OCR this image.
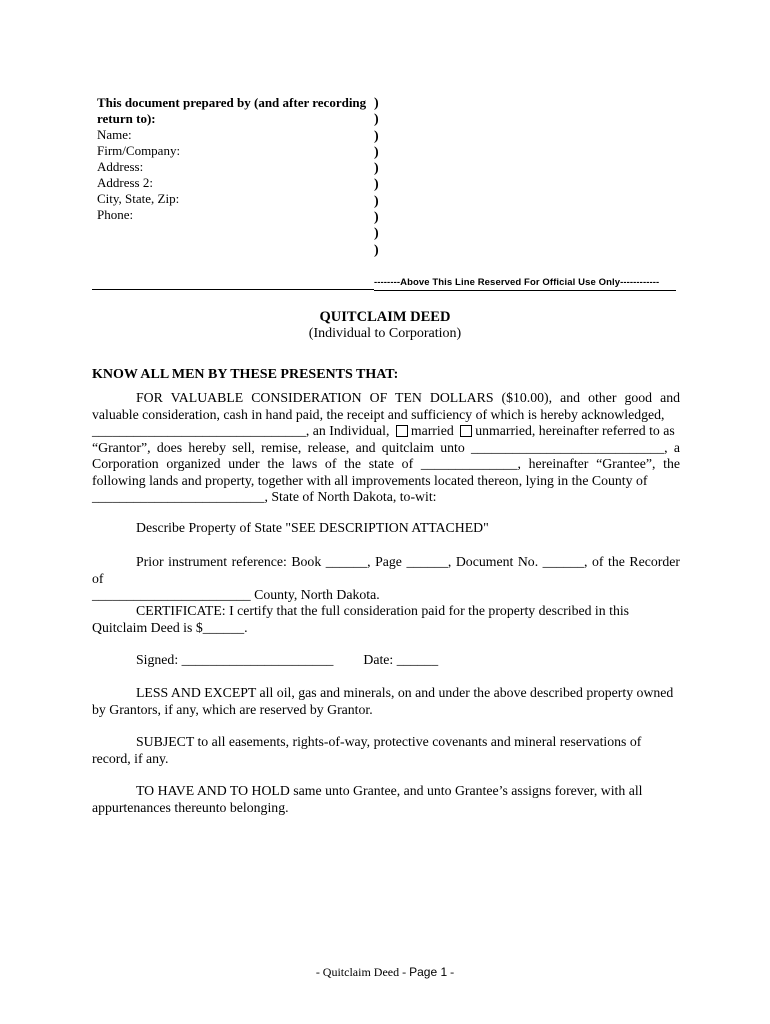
This document prepared by (and after recording
return to):
Name:
Firm/Company:
Address:
Address 2:
City, State, Zip:
Phone:
)
)
)
)
)
)
)
)
)
)
--------Above This Line Reserved For Official Use Only------------
QUITCLAIM DEED
(Individual to Corporation)
KNOW ALL MEN BY THESE PRESENTS THAT:
FOR VALUABLE CONSIDERATION OF TEN DOLLARS ($10.00), and other good and valuable consideration, cash in hand paid, the receipt and sufficiency of which is hereby acknowledged,
_______________________________, an Individual, married unmarried, hereinafter referred to as
“Grantor”, does hereby sell, remise, release, and quitclaim unto ____________________________, a Corporation organized under the laws of the state of ______________, hereinafter “Grantee”, the following lands and property, together with all improvements located thereon, lying in the County of
_________________________, State of North Dakota, to-wit:
Describe Property of State "SEE DESCRIPTION ATTACHED"
Prior instrument reference: Book ______, Page ______, Document No. ______, of the Recorder of
_______________________ County, North Dakota.
CERTIFICATE: I certify that the full consideration paid for the property described in this
Quitclaim Deed is $______.
Signed: ______________________ Date: ______
LESS AND EXCEPT all oil, gas and minerals, on and under the above described property owned
by Grantors, if any, which are reserved by Grantor.
SUBJECT to all easements, rights-of-way, protective covenants and mineral reservations of
record, if any.
TO HAVE AND TO HOLD same unto Grantee, and unto Grantee’s assigns forever, with all
appurtenances thereunto belonging.
- Quitclaim Deed - Page 1 -
